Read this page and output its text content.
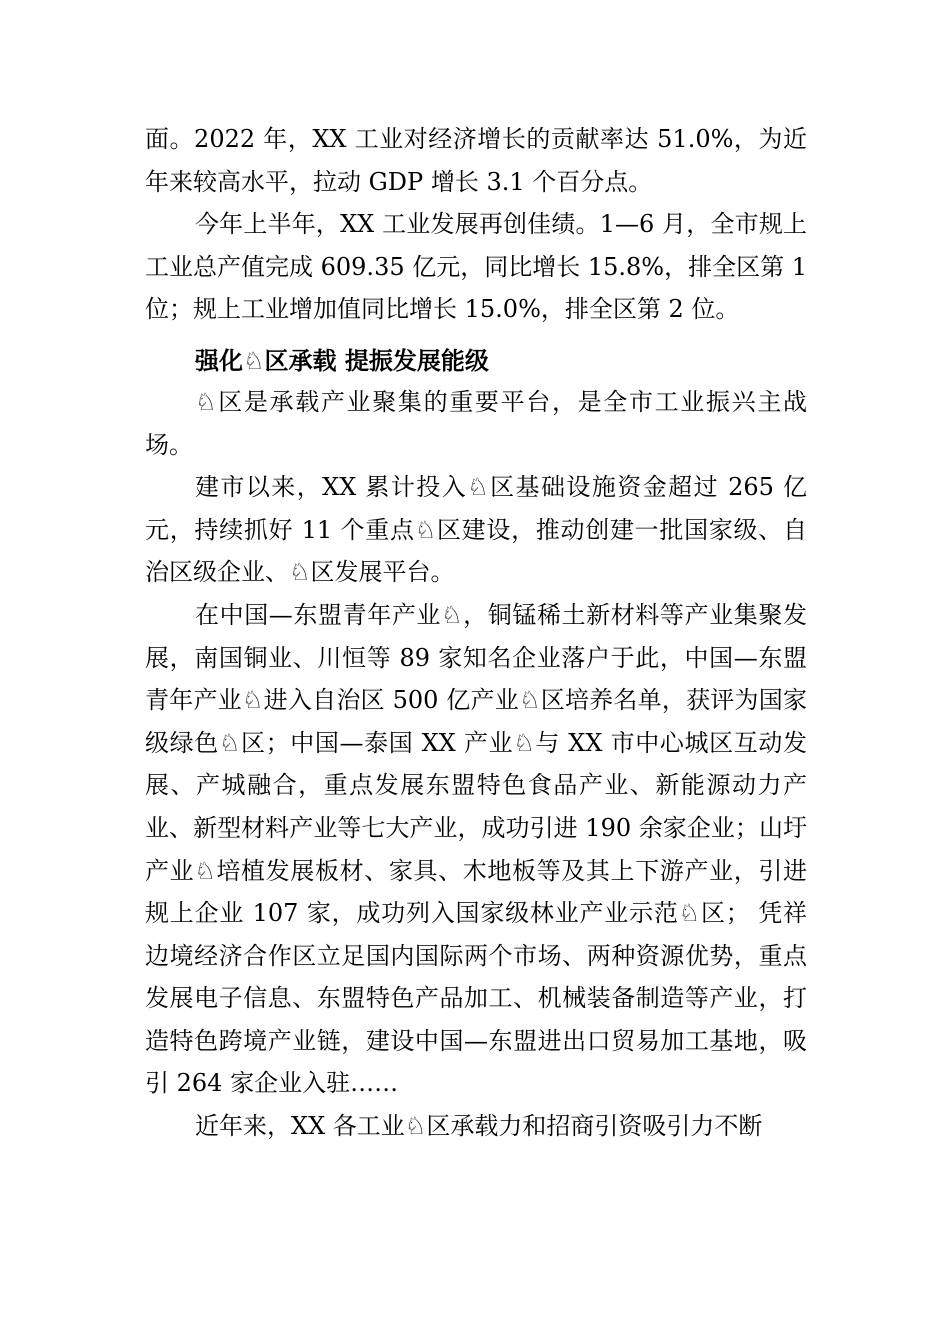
面。2022 年，XX 工业对经济增长的贡献率达 51.0%，为近年来较高水平，拉动 GDP 增长 3.1 个百分点。

今年上半年，XX 工业发展再创佳绩。1—6 月，全市规上工业总产值完成 609.35 亿元，同比增长 15.8%，排全区第 1 位；规上工业增加值同比增长 15.0%，排全区第 2 位。

强化♘区承载 提振发展能级

♘区是承载产业聚集的重要平台，是全市工业振兴主战场。

建市以来，XX 累计投入♘区基础设施资金超过 265 亿元，持续抓好 11 个重点♘区建设，推动创建一批国家级、自治区级企业、♘区发展平台。

在中国—东盟青年产业♘，铜锰稀土新材料等产业集聚发展，南国铜业、川恒等 89 家知名企业落户于此，中国—东盟青年产业♘进入自治区 500 亿产业♘区培养名单，获评为国家级绿色♘区；中国—泰国 XX 产业♘与 XX 市中心城区互动发展、产城融合，重点发展东盟特色食品产业、新能源动力产业、新型材料产业等七大产业，成功引进 190 余家企业；山圩产业♘培植发展板材、家具、木地板等及其上下游产业，引进规上企业 107 家，成功列入国家级林业产业示范♘区； 凭祥边境经济合作区立足国内国际两个市场、两种资源优势，重点发展电子信息、东盟特色产品加工、机械装备制造等产业，打造特色跨境产业链，建设中国—东盟进出口贸易加工基地，吸引 264 家企业入驻……

近年来，XX 各工业♘区承载力和招商引资吸引力不断
